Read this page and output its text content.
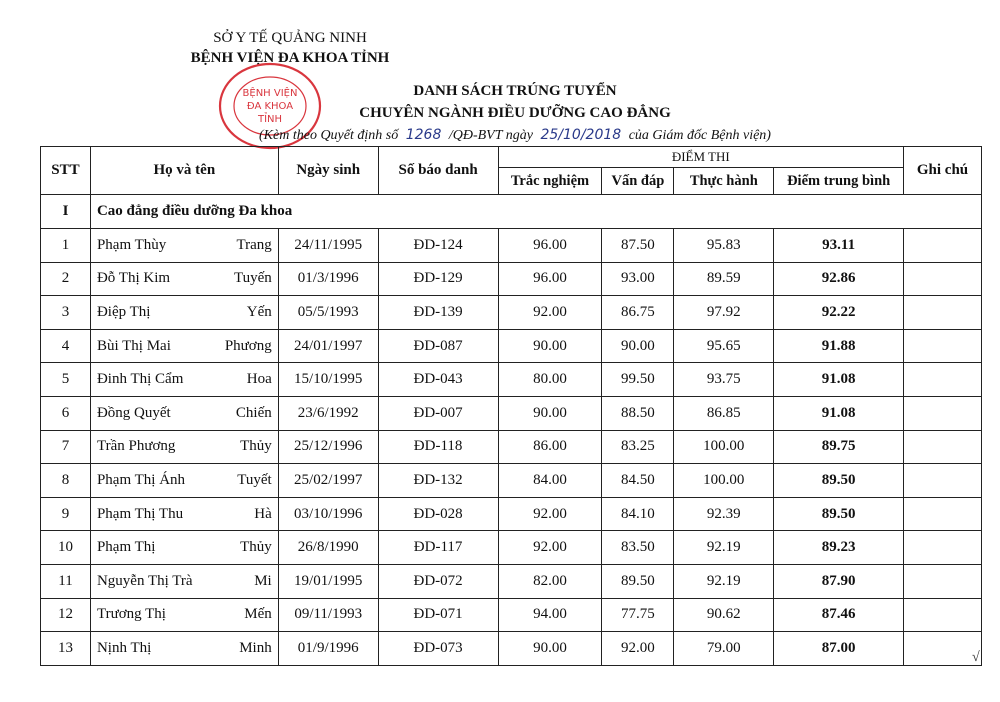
SỞ Y TẾ QUẢNG NINH
BỆNH VIỆN ĐA KHOA TỈNH
BỆNH VIỆN
ĐA KHOA
TỈNH
DANH SÁCH TRÚNG TUYỂN
CHUYÊN NGÀNH ĐIỀU DƯỠNG CAO ĐẲNG
(Kèm theo Quyết định số 1268 /QĐ-BVT ngày 25/10/2018 của Giám đốc Bệnh viện)
STT	Họ và tên	Ngày sinh	Số báo danh	ĐIỂM THI				Ghi chú
				Trắc nghiệm	Vấn đáp	Thực hành	Điểm trung bình	
I	Cao đẳng điều dưỡng Đa khoa							
1	Phạm Thùy Trang	24/11/1995	ĐD-124	96.00	87.50	95.83	93.11	
2	Đỗ Thị Kim Tuyến	01/3/1996	ĐD-129	96.00	93.00	89.59	92.86	
3	Điệp Thị Yến	05/5/1993	ĐD-139	92.00	86.75	97.92	92.22	
4	Bùi Thị Mai Phương	24/01/1997	ĐD-087	90.00	90.00	95.65	91.88	
5	Đinh Thị Cẩm Hoa	15/10/1995	ĐD-043	80.00	99.50	93.75	91.08	
6	Đồng Quyết Chiến	23/6/1992	ĐD-007	90.00	88.50	86.85	91.08	
7	Trần Phương Thủy	25/12/1996	ĐD-118	86.00	83.25	100.00	89.75	
8	Phạm Thị Ánh Tuyết	25/02/1997	ĐD-132	84.00	84.50	100.00	89.50	
9	Phạm Thị Thu Hà	03/10/1996	ĐD-028	92.00	84.10	92.39	89.50	
10	Phạm Thị Thủy	26/8/1990	ĐD-117	92.00	83.50	92.19	89.23	
11	Nguyễn Thị Trà Mi	19/01/1995	ĐD-072	82.00	89.50	92.19	87.90	
12	Trương Thị Mến	09/11/1993	ĐD-071	94.00	77.75	90.62	87.46	
13	Nịnh Thị Minh	01/9/1996	ĐD-073	90.00	92.00	79.00	87.00	
√
